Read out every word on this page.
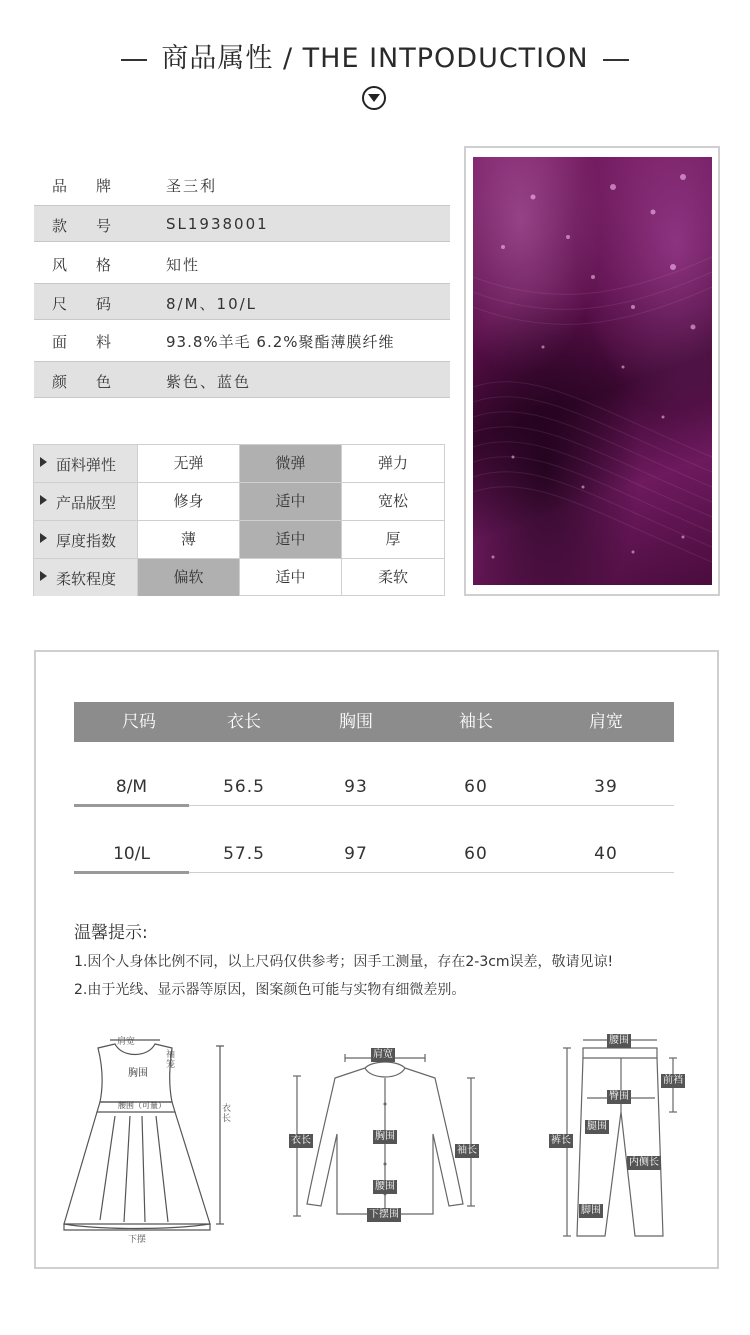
商品属性 / THE INTPODUCTION
品 牌	圣三利
款 号	SL1938001
风 格	知性
尺 码	8/M、10/L
面 料	93.8%羊毛 6.2%聚酯薄膜纤维
颜 色	紫色、蓝色
面料弹性	无弹	微弹	弹力
产品版型	修身	适中	宽松
厚度指数	薄	适中	厚
柔软程度	偏软	适中	柔软
尺码	衣长	胸围	袖长	肩宽
8/M	56.5	93	60	39
10/L	57.5	97	60	40
温馨提示:
1.因个人身体比例不同，以上尺码仅供参考；因手工测量，存在2-3cm误差，敬请见谅!
2.由于光线、显示器等原因，图案颜色可能与实物有细微差别。
肩宽
袖笼
胸围
腰围（可量）	衣长
下摆
肩宽
衣长	胸围
袖长
腰围
下摆围
腰围
前裆
臀围
腿围
裤长
内侧长
脚围
